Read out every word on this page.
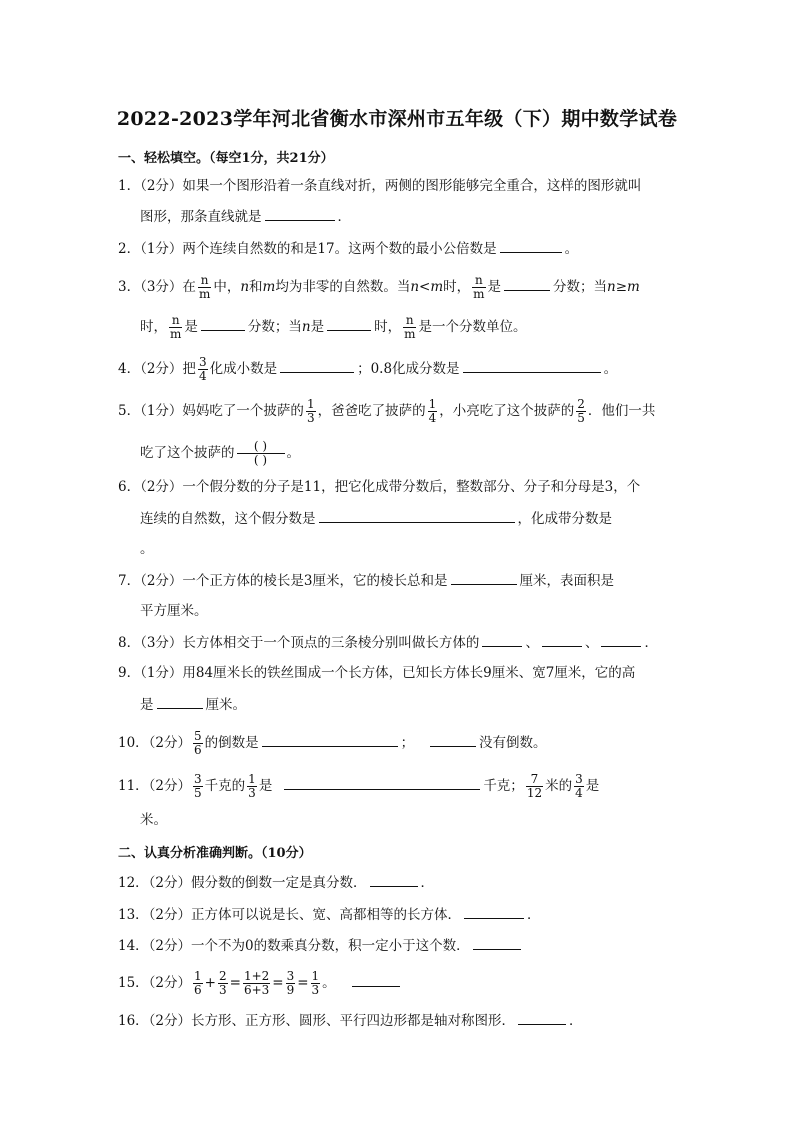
2022-2023学年河北省衡水市深州市五年级（下）期中数学试卷
一、轻松填空。（每空1分，共21分）
1．（2分）如果一个图形沿着一条直线对折，两侧的图形能够完全重合，这样的图形就叫
图形，那条直线就是	．
2．（1分）两个连续自然数的和是17。这两个数的最小公倍数是	。
3．（3分）在 $\frac{n}{m}$ 中，n和m均为非零的自然数。当n<m时， $\frac{n}{m}$ 是	分数；当n≥m
时， $\frac{n}{m}$ 是	分数；当n是	时， $\frac{n}{m}$ 是一个分数单位。
4．（2分）把 $\frac{3}{4}$ 化成小数是	；0.8化成分数是	。
5．（1分）妈妈吃了一个披萨的 $\frac{1}{3}$ ，爸爸吃了披萨的 $\frac{1}{4}$ ，小亮吃了这个披萨的 $\frac{2}{5}$ ．他们一共
吃了这个披萨的 $\frac{( )}{( )}$ 。
6．（2分）一个假分数的分子是11，把它化成带分数后，整数部分、分子和分母是3，个
连续的自然数，这个假分数是	，化成带分数是
。
7．（2分）一个正方体的棱长是3厘米，它的棱长总和是	厘米，表面积是
平方厘米。
8．（3分）长方体相交于一个顶点的三条棱分别叫做长方体的	、	、	．
9．（1分）用84厘米长的铁丝围成一个长方体，已知长方体长9厘米、宽7厘米，它的高
是	厘米。
10．（2分） $\frac{5}{6}$ 的倒数是	；	没有倒数。
11．（2分） $\frac{3}{5}$ 千克的 $\frac{1}{3}$ 是	千克； $\frac{7}{12}$ 米的 $\frac{3}{4}$ 是
米。
二、认真分析准确判断。（10分）
12．（2分）假分数的倒数一定是真分数．	．
13．（2分）正方体可以说是长、宽、高都相等的长方体．	．
14．（2分）一个不为0的数乘真分数，积一定小于这个数．
15．（2分） $\frac{1}{6} + \frac{2}{3} = \frac{1+2}{6+3} = \frac{3}{9} = \frac{1}{3}$ 。
16．（2分）长方形、正方形、圆形、平行四边形都是轴对称图形．	．
